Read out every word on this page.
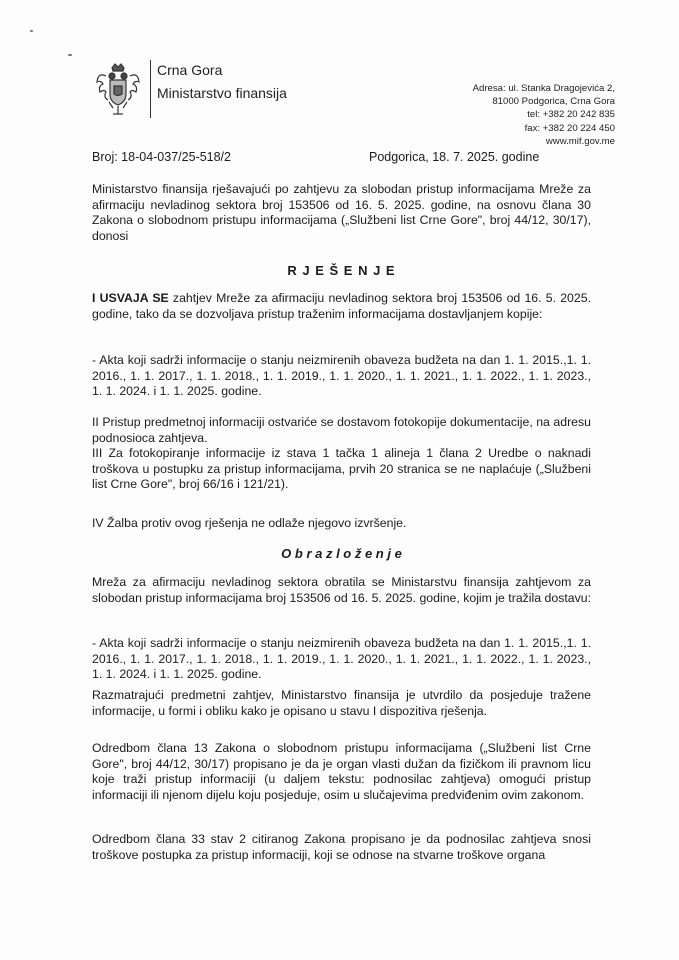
Crna Gora
Ministarstvo finansija	Adresa: ul. Stanka Dragojevića 2,
81000 Podgorica, Crna Gora
tel: +382 20 242 835
fax: +382 20 224 450
www.mif.gov.me
Broj: 18-04-037/25-518/2	Podgorica, 18. 7. 2025. godine

Ministarstvo finansija rješavajući po zahtjevu za slobodan pristup informacijama Mreže za afirmaciju nevladinog sektora broj 153506 od 16. 5. 2025. godine, na osnovu člana 30 Zakona o slobodnom pristupu informacijama („Službeni list Crne Gore", broj 44/12, 30/17), donosi

R J E Š E N J E

I USVAJA SE zahtjev Mreže za afirmaciju nevladinog sektora broj 153506 od 16. 5. 2025. godine, tako da se dozvoljava pristup traženim informacijama dostavljanjem kopije:

- Akta koji sadrži informacije o stanju neizmirenih obaveza budžeta na dan 1. 1. 2015.,1. 1. 2016., 1. 1. 2017., 1. 1. 2018., 1. 1. 2019., 1. 1. 2020., 1. 1. 2021., 1. 1. 2022., 1. 1. 2023., 1. 1. 2024. i 1. 1. 2025. godine.

II Pristup predmetnoj informaciji ostvariće se dostavom fotokopije dokumentacije, na adresu podnosioca zahtjeva.

III Za fotokopiranje informacije iz stava 1 tačka 1 alineja 1 člana 2 Uredbe o naknadi troškova u postupku za pristup informacijama, prvih 20 stranica se ne naplaćuje („Službeni list Crne Gore", broj 66/16 i 121/21).

IV Žalba protiv ovog rješenja ne odlaže njegovo izvršenje.

O b r a z l o ž e n j e

Mreža za afirmaciju nevladinog sektora obratila se Ministarstvu finansija zahtjevom za slobodan pristup informacijama broj 153506 od 16. 5. 2025. godine, kojim je tražila dostavu:

- Akta koji sadrži informacije o stanju neizmirenih obaveza budžeta na dan 1. 1. 2015.,1. 1. 2016., 1. 1. 2017., 1. 1. 2018., 1. 1. 2019., 1. 1. 2020., 1. 1. 2021., 1. 1. 2022., 1. 1. 2023., 1. 1. 2024. i 1. 1. 2025. godine.

Razmatrajući predmetni zahtjev, Ministarstvo finansija je utvrdilo da posjeduje tražene informacije, u formi i obliku kako je opisano u stavu I dispozitiva rješenja.

Odredbom člana 13 Zakona o slobodnom pristupu informacijama („Službeni list Crne Gore", broj 44/12, 30/17) propisano je da je organ vlasti dužan da fizičkom ili pravnom licu koje traži pristup informaciji (u daljem tekstu: podnosilac zahtjeva) omogući pristup informaciji ili njenom dijelu koju posjeduje, osim u slučajevima predviđenim ovim zakonom.

Odredbom člana 33 stav 2 citiranog Zakona propisano je da podnosilac zahtjeva snosi troškove postupka za pristup informaciji, koji se odnose na stvarne troškove organa
